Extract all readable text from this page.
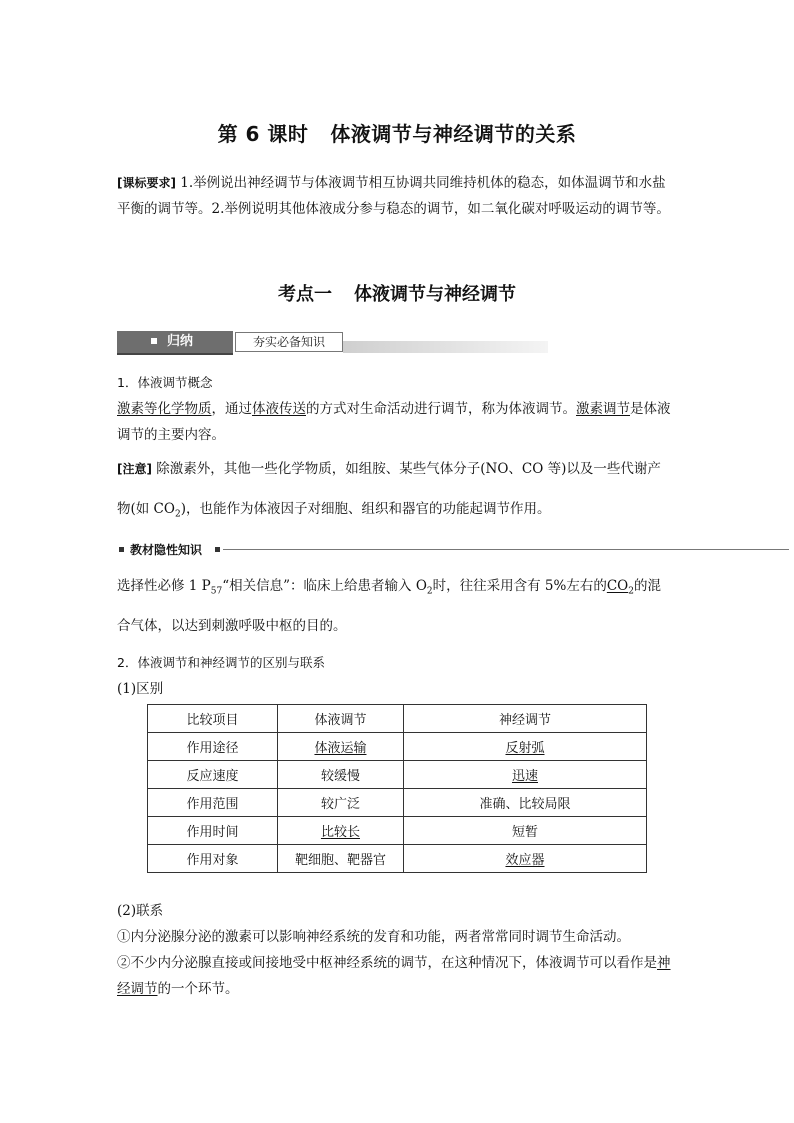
第 6 课时 体液调节与神经调节的关系
[课标要求] 1.举例说出神经调节与体液调节相互协调共同维持机体的稳态，如体温调节和水盐平衡的调节等。2.举例说明其他体液成分参与稳态的调节，如二氧化碳对呼吸运动的调节等。
考点一 体液调节与神经调节
归纳	夯实必备知识
1．体液调节概念
激素等化学物质，通过体液传送的方式对生命活动进行调节，称为体液调节。激素调节是体液调节的主要内容。
[注意] 除激素外，其他一些化学物质，如组胺、某些气体分子(NO、CO 等)以及一些代谢产
物(如 $CO_2$)，也能作为体液因子对细胞、组织和器官的功能起调节作用。
教材隐性知识
选择性必修 1 $P_{57}“$相关信息”：临床上给患者输入 $O_2$时，往往采用含有 5%左右的$CO_2$的混
合气体，以达到刺激呼吸中枢的目的。
2．体液调节和神经调节的区别与联系
(1)区别
比较项目	体液调节	神经调节
作用途径	体液运输	反射弧
反应速度	较缓慢	迅速
作用范围	较广泛	准确、比较局限
作用时间	比较长	短暂
作用对象	靶细胞、靶器官	效应器
(2)联系
①内分泌腺分泌的激素可以影响神经系统的发育和功能，两者常常同时调节生命活动。
②不少内分泌腺直接或间接地受中枢神经系统的调节，在这种情况下，体液调节可以看作是神经调节的一个环节。
